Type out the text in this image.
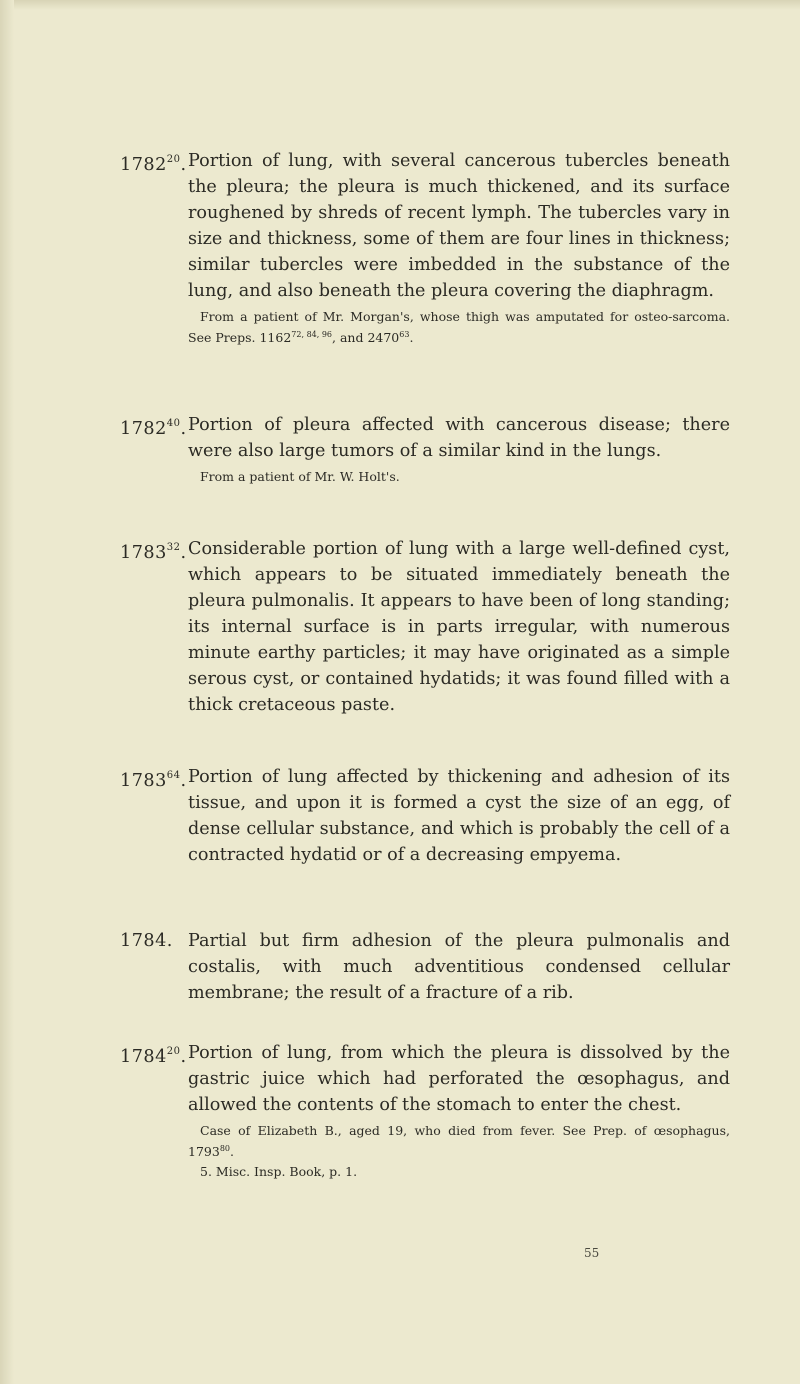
1782$^{20}$. Portion of lung, with several cancerous tubercles beneath the pleura; the pleura is much thickened, and its surface roughened by shreds of recent lymph. The tubercles vary in size and thickness, some of them are four lines in thickness; similar tubercles were imbedded in the substance of the lung, and also beneath the pleura covering the diaphragm.

From a patient of Mr. Morgan's, whose thigh was amputated for osteo-sarcoma. See Preps. 1162$^{72, 84, 96}$, and 2470$^{63}$.

1782$^{40}$. Portion of pleura affected with cancerous disease; there were also large tumors of a similar kind in the lungs.

From a patient of Mr. W. Holt's.

1783$^{32}$. Considerable portion of lung with a large well-defined cyst, which appears to be situated immediately beneath the pleura pulmonalis. It appears to have been of long standing; its internal surface is in parts irregular, with numerous minute earthy particles; it may have originated as a simple serous cyst, or contained hydatids; it was found filled with a thick cretaceous paste.

1783$^{64}$. Portion of lung affected by thickening and adhesion of its tissue, and upon it is formed a cyst the size of an egg, of dense cellular substance, and which is probably the cell of a contracted hydatid or of a decreasing empyema.

1784. Partial but firm adhesion of the pleura pulmonalis and costalis, with much adventitious condensed cellular membrane; the result of a fracture of a rib.

1784$^{20}$. Portion of lung, from which the pleura is dissolved by the gastric juice which had perforated the œsophagus, and allowed the contents of the stomach to enter the chest.

Case of Elizabeth B., aged 19, who died from fever. See Prep. of œsophagus, 1793$^{80}$.

5. Misc. Insp. Book, p. 1.

55
